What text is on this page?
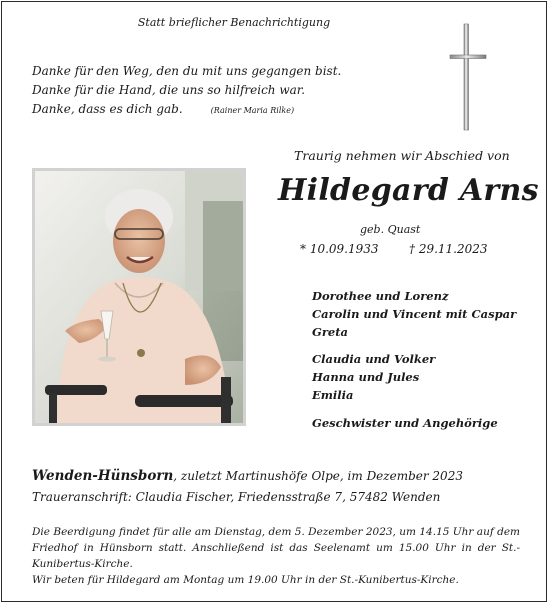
Statt brieflicher Benachrichtigung
Danke für den Weg, den du mit uns gegangen bist.
Danke für die Hand, die uns so hilfreich war.
Danke, dass es dich gab.	(Rainer Maria Rilke)
Traurig nehmen wir Abschied von
Hildegard Arns
geb. Quast
* 10.09.1933	† 29.11.2023
Dorothee und Lorenz
Carolin und Vincent mit Caspar
Greta
Claudia und Volker
Hanna und Jules
Emilia
Geschwister und Angehörige
Wenden-Hünsborn, zuletzt Martinushöfe Olpe, im Dezember 2023
Traueranschrift: Claudia Fischer, Friedensstraße 7, 57482 Wenden

Die Beerdigung findet für alle am Dienstag, dem 5. Dezember 2023, um 14.15 Uhr auf dem Friedhof in Hünsborn statt. Anschließend ist das Seelenamt um 15.00 Uhr in der St.-Kunibertus-Kirche.

Wir beten für Hildegard am Montag um 19.00 Uhr in der St.-Kunibertus-Kirche.
